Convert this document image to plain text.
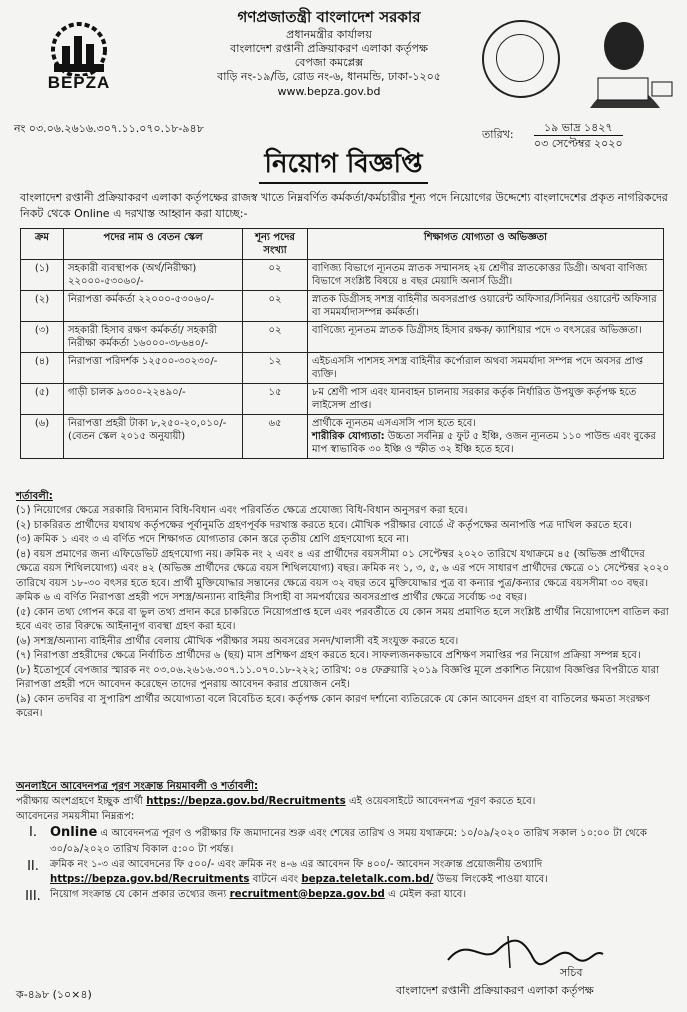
BEPZA
গণপ্রজাতন্ত্রী বাংলাদেশ সরকার
প্রধানমন্ত্রীর কার্যালয়
বাংলাদেশ রপ্তানী প্রক্রিয়াকরণ এলাকা কর্তৃপক্ষ
বেপজা কমপ্লেক্স
বাড়ি নং-১৯/ডি, রোড নং-৬, ধানমন্ডি, ঢাকা-১২০৫
www.bepza.gov.bd
নং ০৩.০৬.২৬১৬.৩০৭.১১.০৭০.১৮-৯৪৮	তারিখ:
১৯ ভাদ্র ১৪২৭
০৩ সেপ্টেম্বর ২০২০
নিয়োগ বিজ্ঞপ্তি
বাংলাদেশ রপ্তানী প্রক্রিয়াকরণ এলাকা কর্তৃপক্ষের রাজস্ব খাতে নিম্নবর্ণিত কর্মকর্তা/কর্মচারীর শূন্য পদে নিয়োগের উদ্দেশ্যে বাংলাদেশের প্রকৃত নাগরিকদের নিকট থেকে Online এ দরখাস্ত আহ্বান করা যাচ্ছে:-
ক্রম	পদের নাম ও বেতন স্কেল	শূন্য পদের সংখ্যা	শিক্ষাগত যোগ্যতা ও অভিজ্ঞতা
(১)	সহকারী ব্যবস্থাপক (অর্থ/নিরীক্ষা) ২২০০০-৫৩০৬০/-	০২	বাণিজ্য বিভাগে ন্যূনতম স্নাতক সম্মানসহ ২য় শ্রেণীর স্নাতকোত্তর ডিগ্রী। অথবা বাণিজ্য বিভাগে সংশ্লিষ্ট বিষয়ে ৪ বছর মেয়াদি অনার্স ডিগ্রী।
(২)	নিরাপত্তা কর্মকর্তা ২২০০০-৫৩০৬০/-	০২	স্নাতক ডিগ্রীসহ সশস্ত্র বাহিনীর অবসরপ্রাপ্ত ওয়ারেন্ট অফিসার/সিনিয়র ওয়ারেন্ট অফিসার বা সমমর্যাদাসম্পন্ন কর্মকর্তা।
(৩)	সহকারী হিসাব রক্ষণ কর্মকর্তা/ সহকারী নিরীক্ষা কর্মকর্তা ১৬০০০-৩৮৬৪০/-	০২	বাণিজ্যে ন্যূনতম স্নাতক ডিগ্রীসহ হিসাব রক্ষক/ ক্যাশিয়ার পদে ৩ বৎসরের অভিজ্ঞতা।
(৪)	নিরাপত্তা পরিদর্শক ১২৫০০-৩০২৩০/-	১২	এইচএসসি পাশসহ সশস্ত্র বাহিনীর কর্পোরাল অথবা সমমর্যাদা সম্পন্ন পদে অবসর প্রাপ্ত ব্যক্তি।
(৫)	গাড়ী চালক ৯৩০০-২২৪৯০/-	১৫	৮ম শ্রেণী পাস এবং যানবাহন চালনায় সরকার কর্তৃক নির্ধারিত উপযুক্ত কর্তৃপক্ষ হতে লাইসেন্স প্রাপ্ত।
(৬)	নিরাপত্তা প্রহরী টাকা ৮,২৫০-২০,০১০/- (বেতন স্কেল ২০১৫ অনুযায়ী)	৬৫	প্রার্থীকে ন্যূনতম এসএসসি পাস হতে হবে।
শারীরিক যোগ্যতা: উচ্চতা সর্বনিম্ন ৫ ফুট ৫ ইঞ্চি, ওজন ন্যূনতম ১১০ পাউন্ড এবং বুকের মাপ স্বাভাবিক ৩০ ইঞ্চি ও স্ফীত ৩২ ইঞ্চি হতে হবে।

শর্তাবলী:

(১) নিয়োগের ক্ষেত্রে সরকারি বিদ্যমান বিধি-বিধান এবং পরিবর্তিত ক্ষেত্রে প্রযোজ্য বিধি-বিধান অনুসরণ করা হবে।

(২) চাকরিরত প্রার্থীদের যথাযথ কর্তৃপক্ষের পূর্বানুমতি গ্রহণপূর্বক দরখাস্ত করতে হবে। মৌখিক পরীক্ষার বোর্ডে ঐ কর্তৃপক্ষের অনাপত্তি পত্র দাখিল করতে হবে।

(৩) ক্রমিক ১ এবং ৩ এ বর্ণিত পদে শিক্ষাগত যোগ্যতার কোন স্তরে তৃতীয় শ্রেণি গ্রহণযোগ্য হবে না।

(৪) বয়স প্রমাণের জন্য এফিডেভিট গ্রহণযোগ্য নয়। ক্রমিক নং ২ এবং ৪ এর প্রার্থীদের বয়সসীমা ০১ সেপ্টেম্বর ২০২০ তারিখে যথাক্রমে ৪৫ (অভিজ্ঞ প্রার্থীদের ক্ষেত্রে বয়স শিথিলযোগ্য) এবং ৪২ (অভিজ্ঞ প্রার্থীদের ক্ষেত্রে বয়স শিথিলযোগ্য) বছর। ক্রমিক নং ১, ৩, ৫, ৬ এর পদে সাধারণ প্রার্থীদের ক্ষেত্রে ০১ সেপ্টেম্বর ২০২০ তারিখে বয়স ১৮-৩০ বৎসর হতে হবে। প্রার্থী মুক্তিযোদ্ধার সন্তানের ক্ষেত্রে বয়স ৩২ বছর তবে মুক্তিযোদ্ধার পুত্র বা কন্যার পুত্র/কন্যার ক্ষেত্রে বয়সসীমা ৩০ বছর। ক্রমিক ৬ এ বর্ণিত নিরাপত্তা প্রহরী পদে সশস্ত্র/অন্যান্য বাহিনীর সিপাহী বা সমপর্যায়ের অবসরপ্রাপ্ত প্রার্থীর ক্ষেত্রে সর্বোচ্চ ৩৫ বছর।

(৫) কোন তথ্য গোপন করে বা ভুল তথ্য প্রদান করে চাকরিতে নিয়োগপ্রাপ্ত হলে এবং পরবর্তীতে যে কোন সময় প্রমাণিত হলে সংশ্লিষ্ট প্রার্থীর নিয়োগাদেশ বাতিল করা হবে এবং তার বিরুদ্ধে আইনানুগ ব্যবস্থা গ্রহণ করা হবে।

(৬) সশস্ত্র/অন্যান্য বাহিনীর প্রার্থীর বেলায় মৌখিক পরীক্ষার সময় অবসরের সনদ/খালাসী বই সংযুক্ত করতে হবে।

(৭) নিরাপত্তা প্রহরীদের ক্ষেত্রে নির্বাচিত প্রার্থীদের ৬ (ছয়) মাস প্রশিক্ষণ গ্রহণ করতে হবে। সাফল্যজনকভাবে প্রশিক্ষণ সমাপ্তির পর নিয়োগ প্রক্রিয়া সম্পন্ন হবে।

(৮) ইতোপূর্বে বেপজার স্মারক নং ০৩.০৬.২৬১৬.৩০৭.১১.০৭০.১৮-২২২; তারিখ: ০৪ ফেব্রুয়ারি ২০১৯ বিজ্ঞপ্তি মূলে প্রকাশিত নিয়োগ বিজ্ঞপ্তির বিপরীতে যারা নিরাপত্তা প্রহরী পদে আবেদন করেছেন তাদের পুনরায় আবেদন করার প্রয়োজন নেই।

(৯) কোন তদবির বা সুপারিশ প্রার্থীর অযোগ্যতা বলে বিবেচিত হবে। কর্তৃপক্ষ কোন কারণ দর্শানো ব্যতিরেকে যে কোন আবেদন গ্রহণ বা বাতিলের ক্ষমতা সংরক্ষণ করেন।

অনলাইনে আবেদনপত্র পূরণ সংক্রান্ত নিয়মাবলী ও শর্তাবলী:

পরীক্ষায় অংশগ্রহণে ইচ্ছুক প্রার্থী https://bepza.gov.bd/Recruitments এই ওয়েবসাইটে আবেদনপত্র পূরণ করতে হবে।

আবেদনের সময়সীমা নিম্নরূপ:

I.	Online এ আবেদনপত্র পূরণ ও পরীক্ষার ফি জমাদানের শুরু এবং শেষের তারিখ ও সময় যথাক্রমে: ১০/০৯/২০২০ তারিখ সকাল ১০:০০ টা থেকে ৩০/০৯/২০২০ তারিখ বিকাল ৫:০০ টা পর্যন্ত।
II.	ক্রমিক নং ১-৩ এর আবেদনের ফি ৫০০/- এবং ক্রমিক নং ৪-৬ এর আবেদন ফি ৪০০/- আবেদন সংক্রান্ত প্রয়োজনীয় তথ্যাদি https://bepza.gov.bd/Recruitments বাটনে এবং bepza.teletalk.com.bd/ উভয় লিংকেই পাওয়া যাবে।
III. নিয়োগ সংক্রান্ত যে কোন প্রকার তথ্যের জন্য recruitment@bepza.gov.bd এ মেইল করা যাবে।
সচিব
ক-৪৯৮ (১০×৪)	বাংলাদেশ রপ্তানী প্রক্রিয়াকরণ এলাকা কর্তৃপক্ষ
